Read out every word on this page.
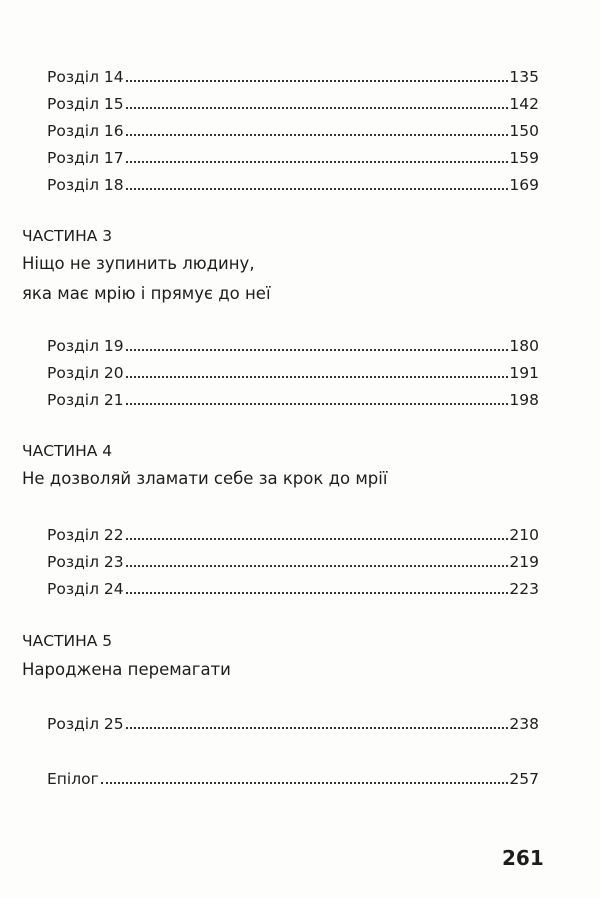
Розділ 14	135
Розділ 15	142
Розділ 16	150
Розділ 17	159
Розділ 18	169
ЧАСТИНА 3
Ніщо не зупинить людину,
яка має мрію і прямує до неї
Розділ 19	180
Розділ 20	191
Розділ 21	198
ЧАСТИНА 4
Не дозволяй зламати себе за крок до мрії
Розділ 22	210
Розділ 23	219
Розділ 24	223
ЧАСТИНА 5
Народжена перемагати
Розділ 25	238
Епілог	257
261
